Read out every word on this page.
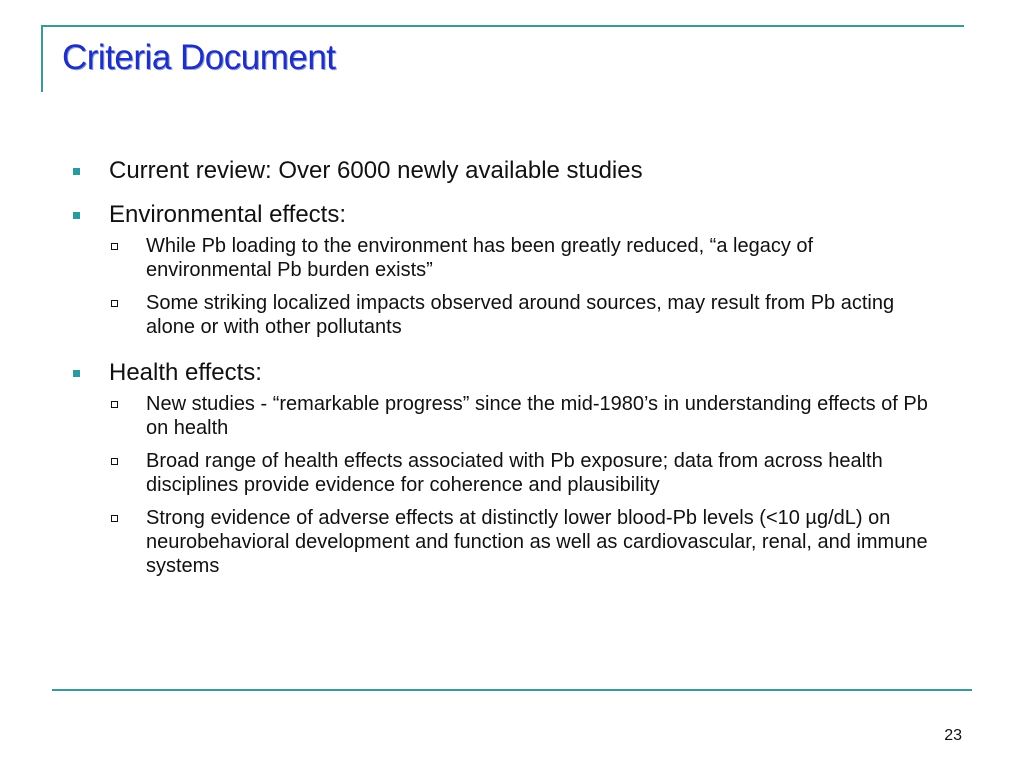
Criteria Document
Current review: Over 6000 newly available studies
Environmental effects:
While Pb loading to the environment has been greatly reduced, “a legacy of environmental Pb burden exists”
Some striking localized impacts observed around sources, may result from Pb acting alone or with other pollutants
Health effects:
New studies - “remarkable progress” since the mid-1980’s in understanding effects of Pb on health
Broad range of health effects associated with Pb exposure; data from across health disciplines provide evidence for coherence and plausibility
Strong evidence of adverse effects at distinctly lower blood-Pb levels (<10 µg/dL) on neurobehavioral development and function as well as cardiovascular, renal, and immune systems
23
